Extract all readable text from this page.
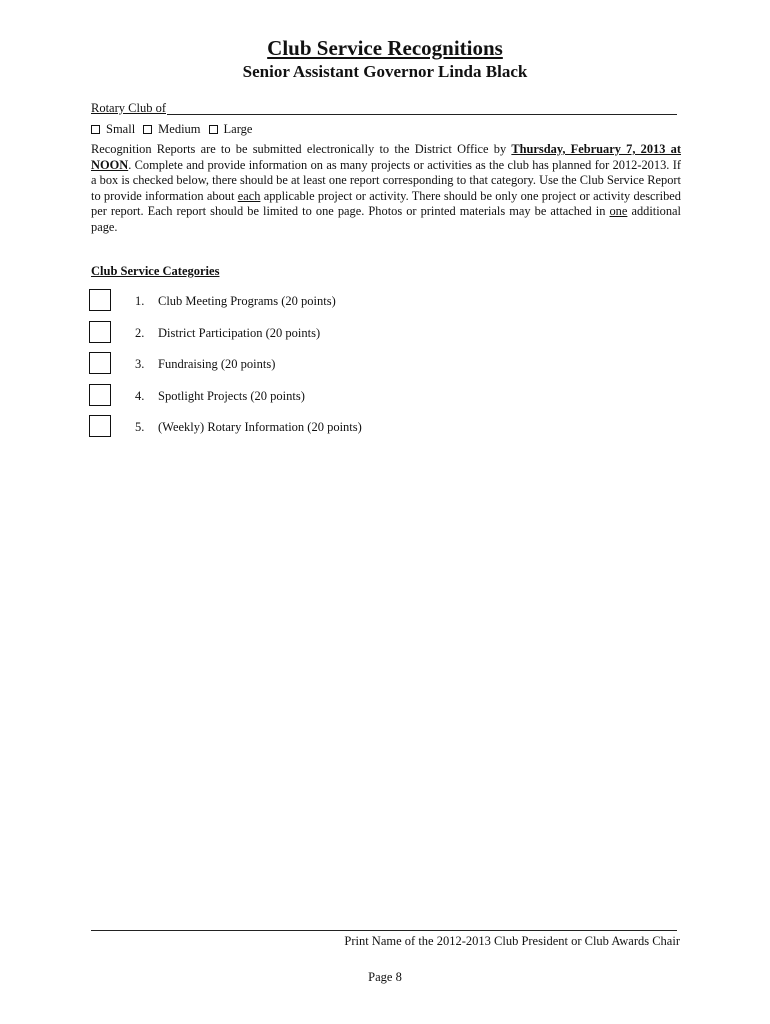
Club Service Recognitions
Senior Assistant Governor Linda Black
Rotary Club of
Small Medium Large
Recognition Reports are to be submitted electronically to the District Office by Thursday, February 7, 2013 at NOON. Complete and provide information on as many projects or activities as the club has planned for 2012-2013. If a box is checked below, there should be at least one report corresponding to that category. Use the Club Service Report to provide information about each applicable project or activity. There should be only one project or activity described per report. Each report should be limited to one page. Photos or printed materials may be attached in one additional page.
Club Service Categories
1. Club Meeting Programs (20 points)
2. District Participation (20 points)
3. Fundraising (20 points)
4. Spotlight Projects (20 points)
5. (Weekly) Rotary Information (20 points)
Print Name of the 2012-2013 Club President or Club Awards Chair
Page 8
